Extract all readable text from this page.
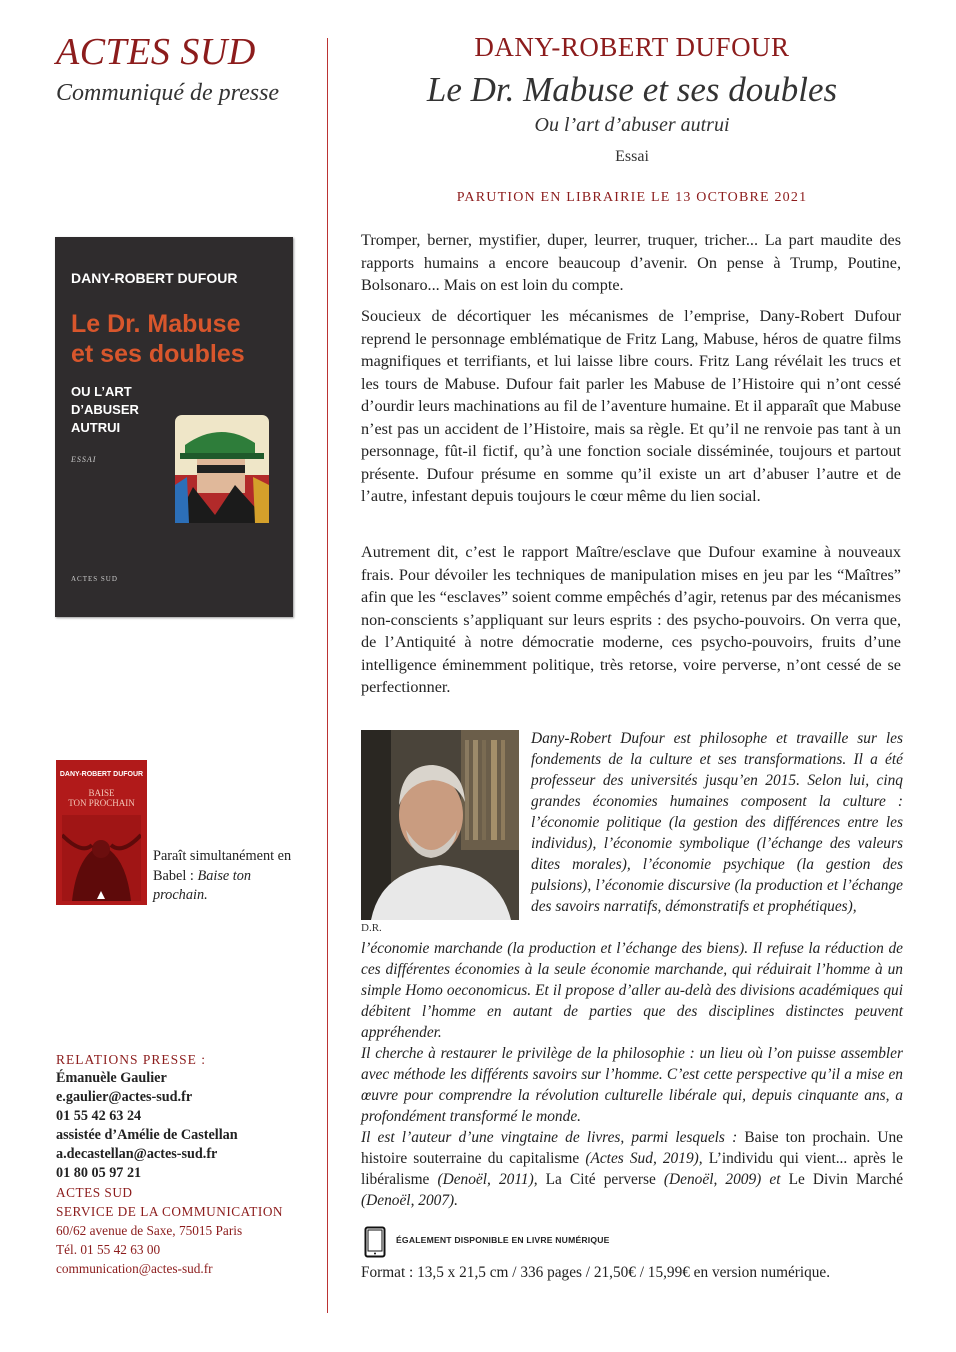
ACTES SUD
Communiqué de presse
DANY-ROBERT DUFOUR
Le Dr. Mabuse et ses doubles
Ou l’art d’abuser autrui
Essai
PARUTION EN LIBRAIRIE LE 13 OCTOBRE 2021

Tromper, berner, mystifier, duper, leurrer, truquer, tricher... La part maudite des rapports humains a encore beaucoup d’avenir. On pense à Trump, Poutine, Bolsonaro... Mais on est loin du compte.

Soucieux de décortiquer les mécanismes de l’emprise, Dany-Robert Dufour reprend le personnage emblématique de Fritz Lang, Mabuse, héros de quatre films magnifiques et terrifiants, et lui laisse libre cours. Fritz Lang révélait les trucs et les tours de Mabuse. Dufour fait parler les Mabuse de l’Histoire qui n’ont cessé d’ourdir leurs machinations au fil de l’aventure humaine. Et il apparaît que Mabuse n’est pas un accident de l’Histoire, mais sa règle. Et qu’il ne renvoie pas tant à un personnage, fût-il fictif, qu’à une fonction sociale disséminée, toujours et partout présente. Dufour présume en somme qu’il existe un art d’abuser l’autre et de l’autre, infestant depuis toujours le cœur même du lien social.

Autrement dit, c’est le rapport Maître/esclave que Dufour examine à nouveaux frais. Pour dévoiler les techniques de manipulation mises en jeu par les “Maîtres” afin que les “esclaves” soient comme empêchés d’agir, retenus par des mécanismes non-conscients s’appliquant sur leurs esprits : des psycho-pouvoirs. On verra que, de l’Antiquité à notre démocratie moderne, ces psycho-pouvoirs, fruits d’une intelligence éminemment politique, très retorse, voire perverse, n’ont cessé de se perfectionner.

DANY-ROBERT DUFOUR
Le Dr. Mabuse
et ses doubles
OU L’ART
D’ABUSER
AUTRUI
ESSAI
ACTES SUD
DANY-ROBERT DUFOUR
BAISE
TON PROCHAIN
Paraît simultanément en Babel : Baise ton prochain.
D.R.

Dany-Robert Dufour est philosophe et travaille sur les fondements de la culture et ses transformations. Il a été professeur des universités jusqu’en 2015. Selon lui, cinq grandes économies humaines composent la culture : l’économie politique (la gestion des différences entre les individus), l’économie symbolique (l’échange des valeurs dites morales), l’économie psychique (la gestion des pulsions), l’économie discursive (la production et l’échange des savoirs narratifs, démonstratifs et prophétiques),

l’économie marchande (la production et l’échange des biens). Il refuse la réduction de ces différentes économies à la seule économie marchande, qui réduirait l’homme à un simple Homo oeconomicus. Et il propose d’aller au-delà des divisions académiques qui débitent l’homme en autant de parties que des disciplines distinctes peuvent appréhender.

Il cherche à restaurer le privilège de la philosophie : un lieu où l’on puisse assembler avec méthode les différents savoirs sur l’homme. C’est cette perspective qu’il a mise en œuvre pour comprendre la révolution culturelle libérale qui, depuis cinquante ans, a profondément transformé le monde.

Il est l’auteur d’une vingtaine de livres, parmi lesquels : Baise ton prochain. Une histoire souterraine du capitalisme (Actes Sud, 2019), L’individu qui vient... après le libéralisme (Denoël, 2011), La Cité perverse (Denoël, 2009) et Le Divin Marché (Denoël, 2007).

ÉGALEMENT DISPONIBLE EN LIVRE NUMÉRIQUE
Format : 13,5 x 21,5 cm / 336 pages / 21,50€ / 15,99€ en version numérique.
RELATIONS PRESSE :
Émanuèle Gaulier
e.gaulier@actes-sud.fr
01 55 42 63 24
assistée d’Amélie de Castellan
a.decastellan@actes-sud.fr
01 80 05 97 21
ACTES SUD
SERVICE DE LA COMMUNICATION
60/62 avenue de Saxe, 75015 Paris
Tél. 01 55 42 63 00
communication@actes-sud.fr
